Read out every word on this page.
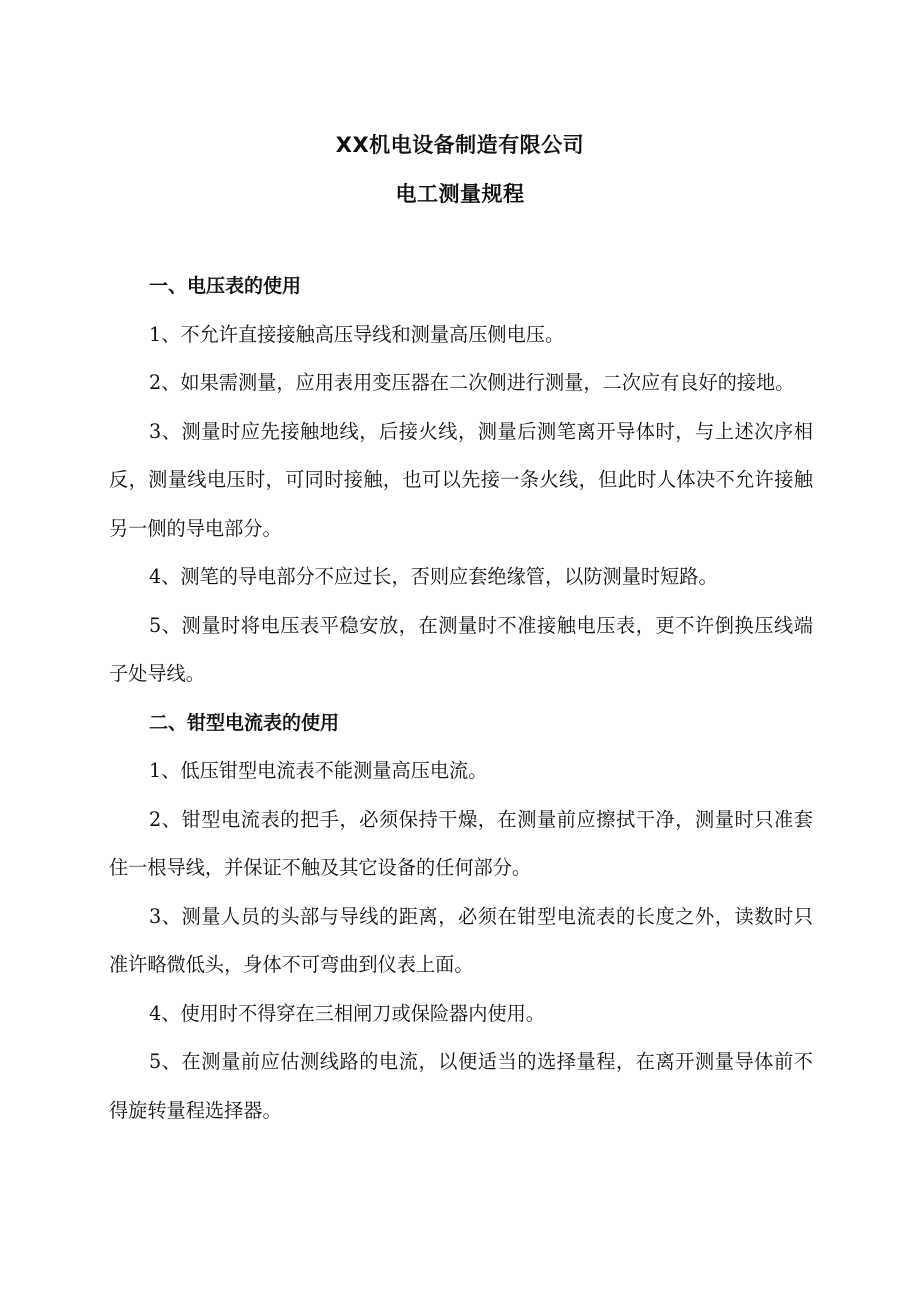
XX机电设备制造有限公司
电工测量规程

一、电压表的使用

1、不允许直接接触高压导线和测量高压侧电压。

2、如果需测量，应用表用变压器在二次侧进行测量，二次应有良好的接地。

3、测量时应先接触地线，后接火线，测量后测笔离开导体时，与上述次序相反，测量线电压时，可同时接触，也可以先接一条火线，但此时人体决不允许接触另一侧的导电部分。

4、测笔的导电部分不应过长，否则应套绝缘管，以防测量时短路。

5、测量时将电压表平稳安放，在测量时不准接触电压表，更不许倒换压线端子处导线。

二、钳型电流表的使用

1、低压钳型电流表不能测量高压电流。

2、钳型电流表的把手，必须保持干燥，在测量前应擦拭干净，测量时只准套住一根导线，并保证不触及其它设备的任何部分。

3、测量人员的头部与导线的距离，必须在钳型电流表的长度之外，读数时只准许略微低头，身体不可弯曲到仪表上面。

4、使用时不得穿在三相闸刀或保险器内使用。

5、在测量前应估测线路的电流，以便适当的选择量程，在离开测量导体前不得旋转量程选择器。
